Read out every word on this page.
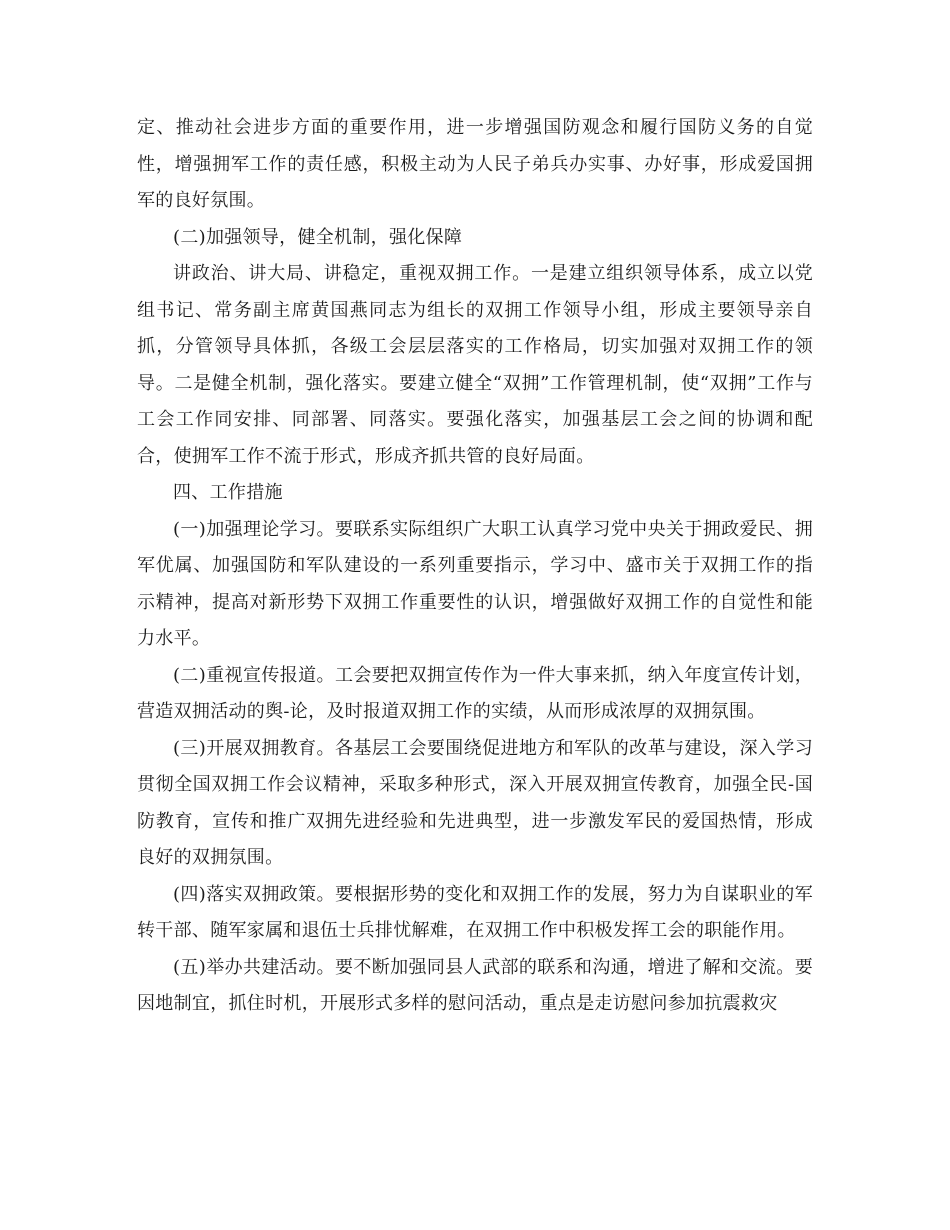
定、推动社会进步方面的重要作用，进一步增强国防观念和履行国防义务的自觉性，增强拥军工作的责任感，积极主动为人民子弟兵办实事、办好事，形成爱国拥军的良好氛围。

(二)加强领导，健全机制，强化保障

讲政治、讲大局、讲稳定，重视双拥工作。一是建立组织领导体系，成立以党组书记、常务副主席黄国燕同志为组长的双拥工作领导小组，形成主要领导亲自抓，分管领导具体抓，各级工会层层落实的工作格局，切实加强对双拥工作的领导。二是健全机制，强化落实。要建立健全“双拥”工作管理机制，使“双拥”工作与工会工作同安排、同部署、同落实。要强化落实，加强基层工会之间的协调和配合，使拥军工作不流于形式，形成齐抓共管的良好局面。

四、工作措施

(一)加强理论学习。要联系实际组织广大职工认真学习党中央关于拥政爱民、拥军优属、加强国防和军队建设的一系列重要指示，学习中、盛市关于双拥工作的指示精神，提高对新形势下双拥工作重要性的认识，增强做好双拥工作的自觉性和能力水平。

(二)重视宣传报道。工会要把双拥宣传作为一件大事来抓，纳入年度宣传计划，营造双拥活动的舆-论，及时报道双拥工作的实绩，从而形成浓厚的双拥氛围。

(三)开展双拥教育。各基层工会要围绕促进地方和军队的改革与建设，深入学习贯彻全国双拥工作会议精神，采取多种形式，深入开展双拥宣传教育，加强全民-国防教育，宣传和推广双拥先进经验和先进典型，进一步激发军民的爱国热情，形成良好的双拥氛围。

(四)落实双拥政策。要根据形势的变化和双拥工作的发展，努力为自谋职业的军转干部、随军家属和退伍士兵排忧解难，在双拥工作中积极发挥工会的职能作用。

(五)举办共建活动。要不断加强同县人武部的联系和沟通，增进了解和交流。要因地制宜，抓住时机，开展形式多样的慰问活动，重点是走访慰问参加抗震救灾
